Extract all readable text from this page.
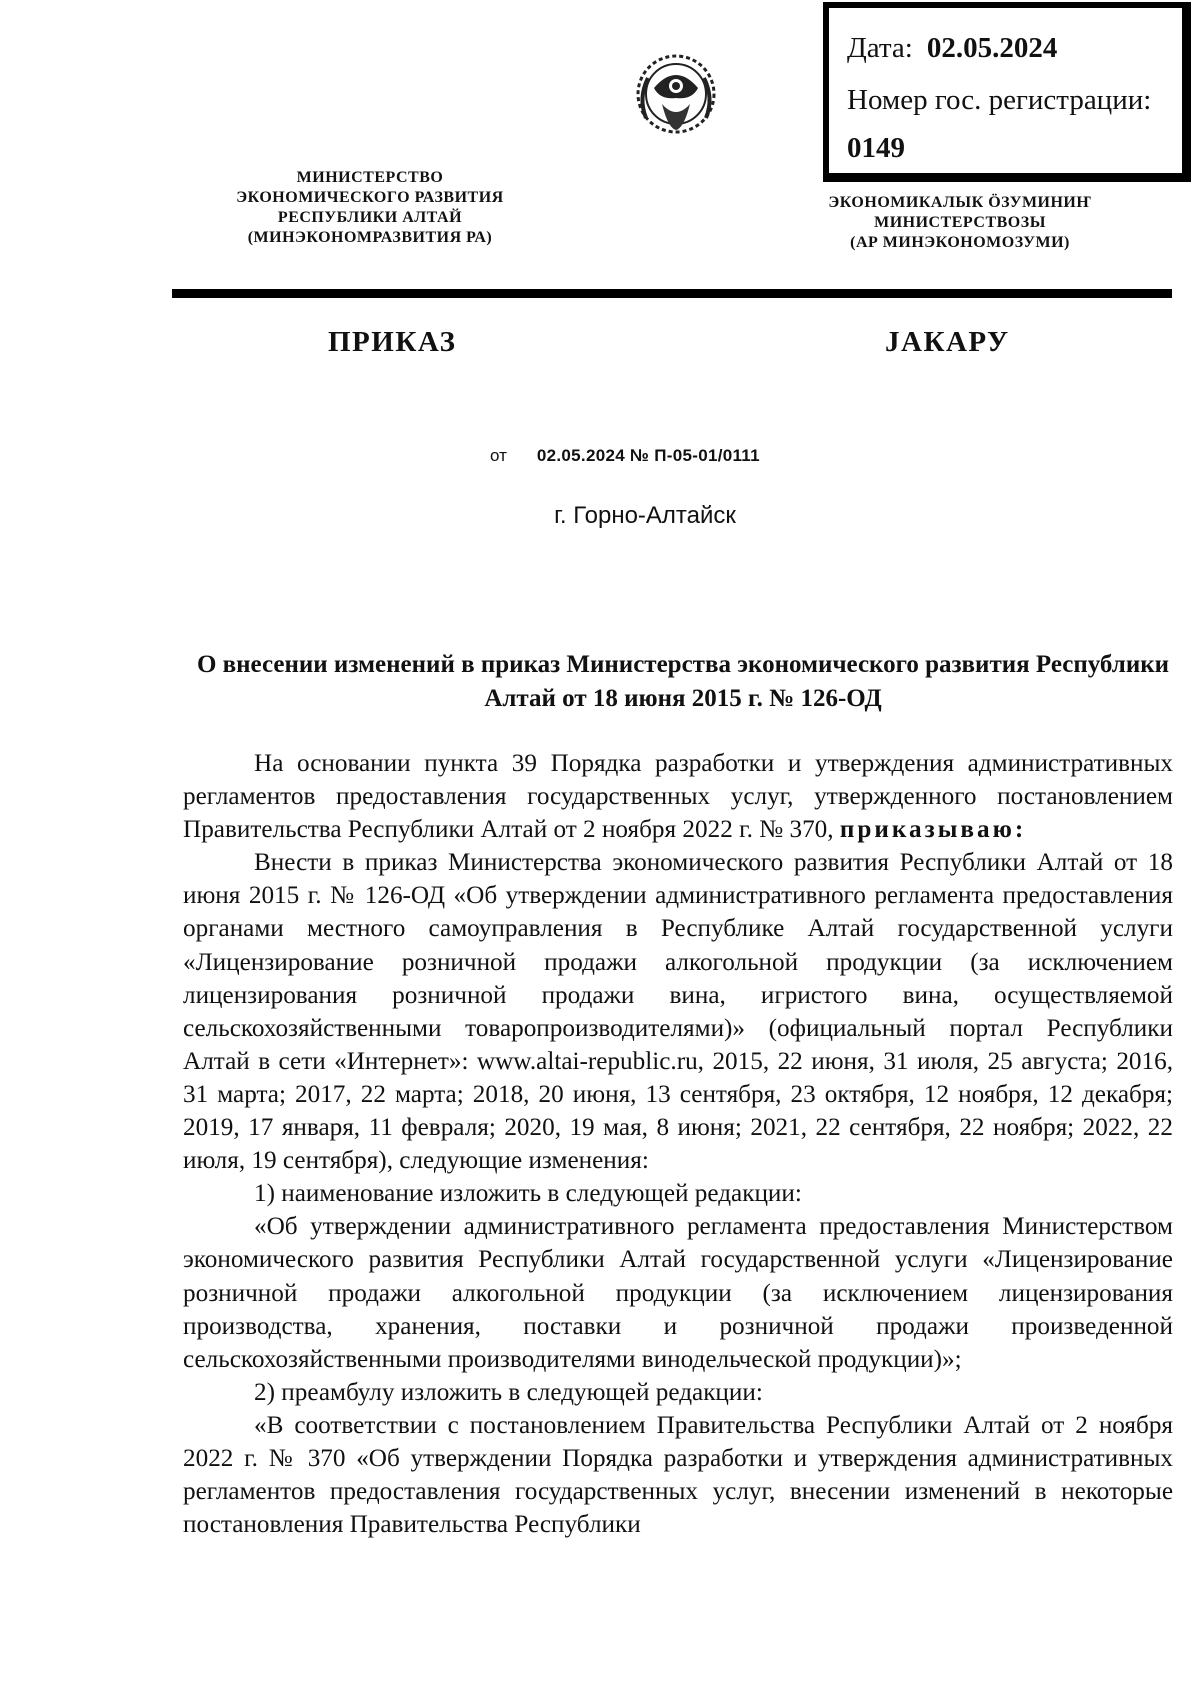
Дата: 02.05.2024
Номер гос. регистрации:
0149
МИНИСТЕРСТВО
ЭКОНОМИЧЕСКОГО РАЗВИТИЯ
РЕСПУБЛИКИ АЛТАЙ
(МИНЭКОНОМРАЗВИТИЯ РА)
ЭКОНОМИКАЛЫК ÖЗУМИНИҤ
МИНИСТЕРСТВОЗЫ
(АР МИНЭКОНОМОЗУМИ)
ПРИКАЗ	JАКАРУ
от 02.05.2024 № П-05-01/0111
г. Горно-Алтайск
О внесении изменений в приказ Министерства экономического развития Республики Алтай от 18 июня 2015 г. № 126-ОД

На основании пункта 39 Порядка разработки и утверждения административных регламентов предоставления государственных услуг, утвержденного постановлением Правительства Республики Алтай от 2 ноября 2022 г. № 370, приказываю:

Внести в приказ Министерства экономического развития Республики Алтай от 18 июня 2015 г. № 126-ОД «Об утверждении административного регламента предоставления органами местного самоуправления в Республике Алтай государственной услуги «Лицензирование розничной продажи алкогольной продукции (за исключением лицензирования розничной продажи вина, игристого вина, осуществляемой сельскохозяйственными товаропроизводителями)» (официальный портал Республики Алтай в сети «Интернет»: www.altai-republic.ru, 2015, 22 июня, 31 июля, 25 августа; 2016, 31 марта; 2017, 22 марта; 2018, 20 июня, 13 сентября, 23 октября, 12 ноября, 12 декабря; 2019, 17 января, 11 февраля; 2020, 19 мая, 8 июня; 2021, 22 сентября, 22 ноября; 2022, 22 июля, 19 сентября), следующие изменения:

1) наименование изложить в следующей редакции:

«Об утверждении административного регламента предоставления Министерством экономического развития Республики Алтай государственной услуги «Лицензирование розничной продажи алкогольной продукции (за исключением лицензирования производства, хранения, поставки и розничной продажи произведенной сельскохозяйственными производителями винодельческой продукции)»;

2) преамбулу изложить в следующей редакции:

«В соответствии с постановлением Правительства Республики Алтай от 2 ноября 2022 г. № 370 «Об утверждении Порядка разработки и утверждения административных регламентов предоставления государственных услуг, внесении изменений в некоторые постановления Правительства Республики
